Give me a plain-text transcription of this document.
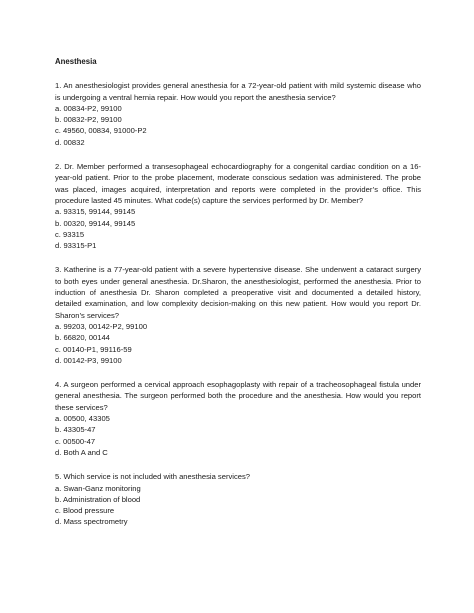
Anesthesia

1. An anesthesiologist provides general anesthesia for a 72-year-old patient with mild systemic disease who is undergoing a ventral hernia repair. How would you report the anesthesia service?

a. 00834-P2, 99100

b. 00832-P2, 99100

c. 49560, 00834, 91000-P2

d. 00832

2. Dr. Member performed a transesophageal echocardiography for a congenital cardiac condition on a 16-year-old patient. Prior to the probe placement, moderate conscious sedation was administered. The probe was placed, images acquired, interpretation and reports were completed in the provider’s office. This procedure lasted 45 minutes. What code(s) capture the services performed by Dr. Member?

a. 93315, 99144, 99145

b. 00320, 99144, 99145

c. 93315

d. 93315-P1

3. Katherine is a 77-year-old patient with a severe hypertensive disease. She underwent a cataract surgery to both eyes under general anesthesia. Dr.Sharon, the anesthesiologist, performed the anesthesia. Prior to induction of anesthesia Dr. Sharon completed a preoperative visit and documented a detailed history, detailed examination, and low complexity decision-making on this new patient. How would you report Dr. Sharon’s services?

a. 99203, 00142-P2, 99100

b. 66820, 00144

c. 00140-P1, 99116-59

d. 00142-P3, 99100

4. A surgeon performed a cervical approach esophagoplasty with repair of a tracheosophageal fistula under general anesthesia. The surgeon performed both the procedure and the anesthesia. How would you report these services?

a. 00500, 43305

b. 43305-47

c. 00500-47

d. Both A and C

5. Which service is not included with anesthesia services?

a. Swan-Ganz monitoring

b. Administration of blood

c. Blood pressure

d. Mass spectrometry
